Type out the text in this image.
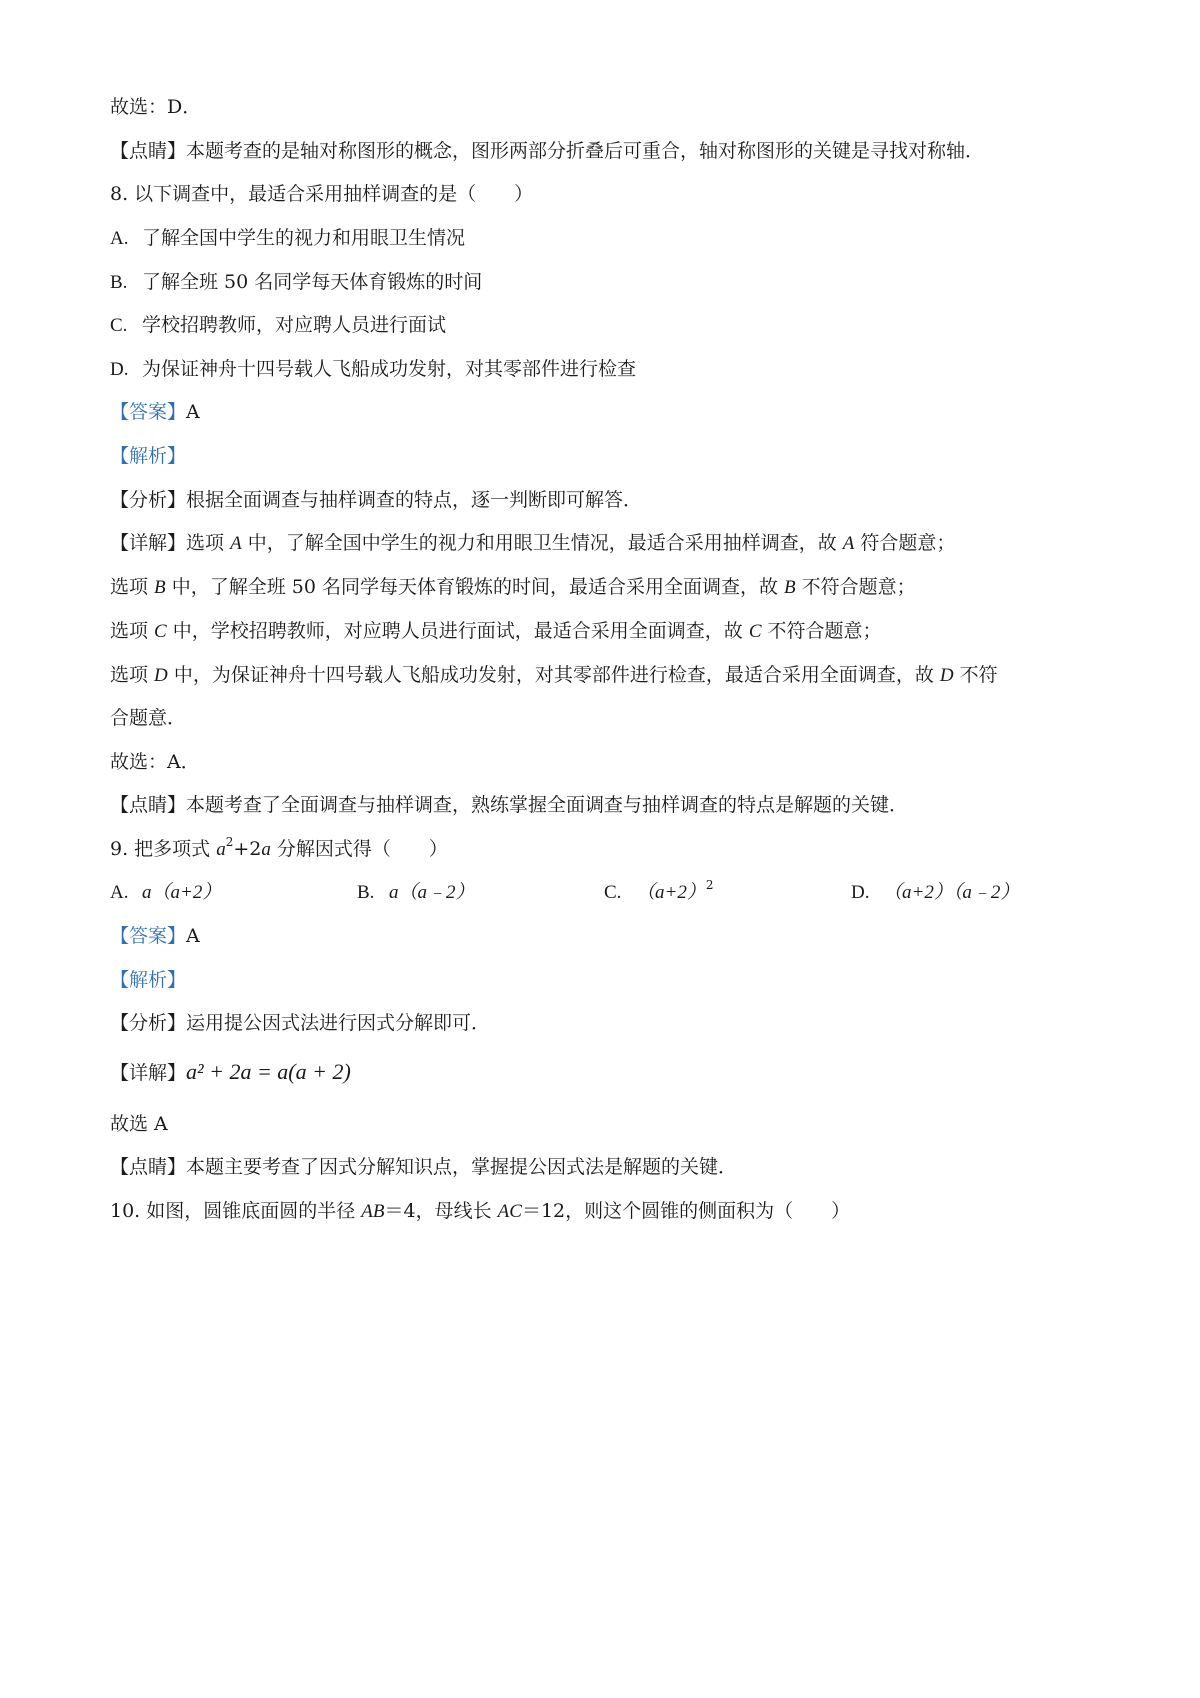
故选：D．
【点睛】本题考查的是轴对称图形的概念，图形两部分折叠后可重合，轴对称图形的关键是寻找对称轴．
8. 以下调查中，最适合采用抽样调查的是（　　）
A. 了解全国中学生的视力和用眼卫生情况
B. 了解全班 50 名同学每天体育锻炼的时间
C. 学校招聘教师，对应聘人员进行面试
D. 为保证神舟十四号载人飞船成功发射，对其零部件进行检查
【答案】A
【解析】
【分析】根据全面调查与抽样调查的特点，逐一判断即可解答．
【详解】选项 A 中，了解全国中学生的视力和用眼卫生情况，最适合采用抽样调查，故 A 符合题意；
选项 B 中，了解全班 50 名同学每天体育锻炼的时间，最适合采用全面调查，故 B 不符合题意；
选项 C 中，学校招聘教师，对应聘人员进行面试，最适合采用全面调查，故 C 不符合题意；
选项 D 中，为保证神舟十四号载人飞船成功发射，对其零部件进行检查，最适合采用全面调查，故 D 不符
合题意．
故选：A．
【点睛】本题考查了全面调查与抽样调查，熟练掌握全面调查与抽样调查的特点是解题的关键．
9. 把多项式 $a^2+2a$ 分解因式得（　　）
A. a（a+2）	B. a（a﹣2）	C. $(a+2)^2$	D. （a+2）（a﹣2）
【答案】A
【解析】
【分析】运用提公因式法进行因式分解即可．
【详解】a² + 2a = a(a + 2)
故选 A
【点睛】本题主要考查了因式分解知识点，掌握提公因式法是解题的关键．
10. 如图，圆锥底面圆的半径 AB＝4，母线长 AC＝12，则这个圆锥的侧面积为（　　）
